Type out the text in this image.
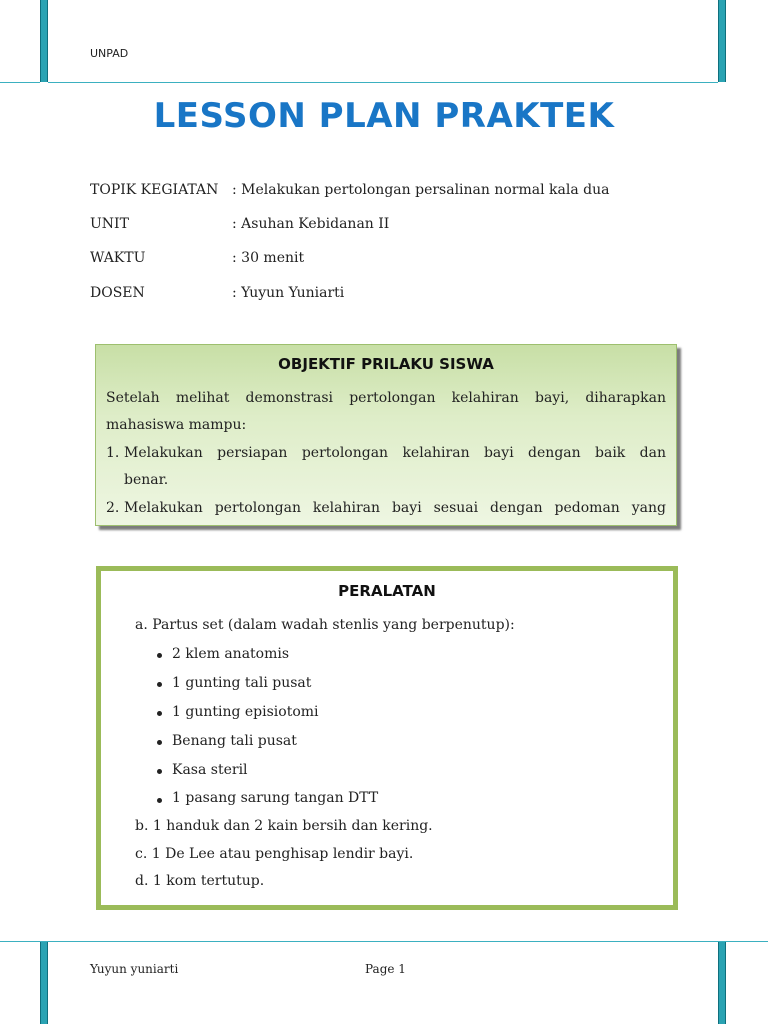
UNPAD
LESSON PLAN PRAKTEK
TOPIK KEGIATAN : Melakukan pertolongan persalinan normal kala dua
UNIT	: Asuhan Kebidanan II
WAKTU	: 30 menit
DOSEN	: Yuyun Yuniarti
OBJEKTIF PRILAKU SISWA
Setelah melihat demonstrasi pertolongan kelahiran bayi, diharapkan
mahasiswa mampu:
1. Melakukan persiapan pertolongan kelahiran bayi dengan baik dan
benar.
2. Melakukan pertolongan kelahiran bayi sesuai dengan pedoman yang
PERALATAN
a. Partus set (dalam wadah stenlis yang berpenutup):
2 klem anatomis
1 gunting tali pusat
1 gunting episiotomi
Benang tali pusat
Kasa steril
1 pasang sarung tangan DTT
b. 1 handuk dan 2 kain bersih dan kering.
c. 1 De Lee atau penghisap lendir bayi.
d. 1 kom tertutup.
Yuyun yuniarti	Page 1
